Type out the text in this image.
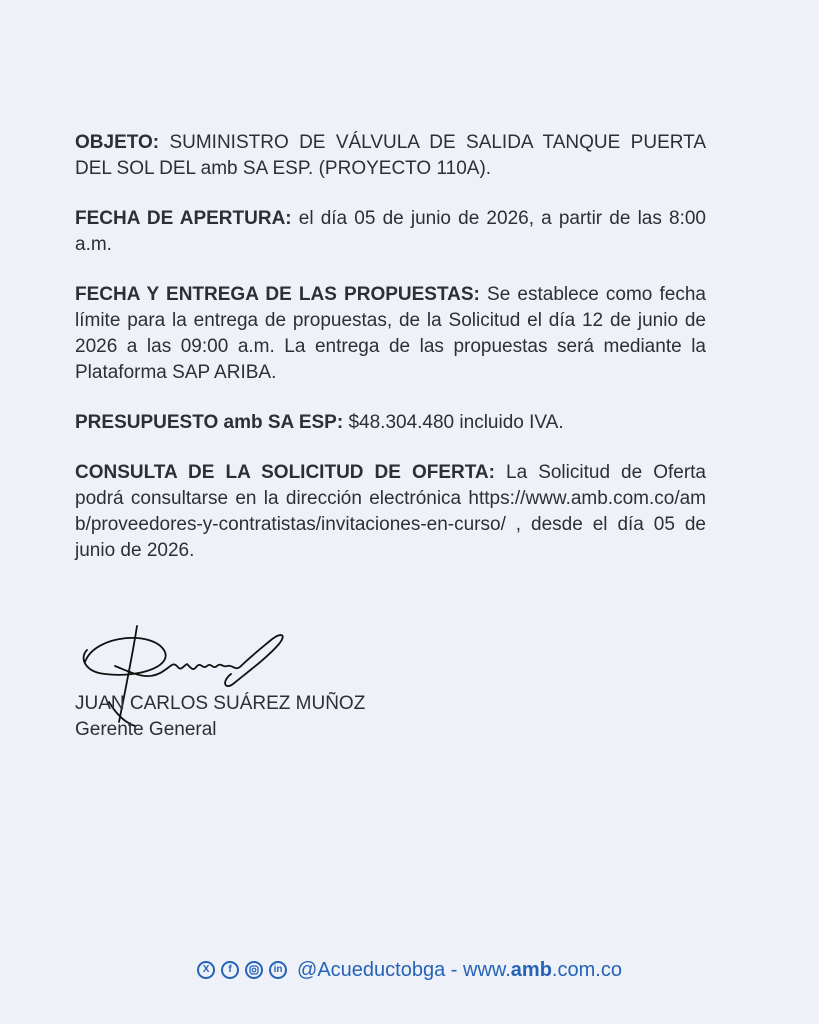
OBJETO: SUMINISTRO DE VÁLVULA DE SALIDA TANQUE PUERTA DEL SOL DEL amb SA ESP. (PROYECTO 110A).

FECHA DE APERTURA: el día 05 de junio de 2026, a partir de las 8:00 a.m.

FECHA Y ENTREGA DE LAS PROPUESTAS: Se establece como fecha límite para la entrega de propuestas, de la Solicitud el día 12 de junio de 2026 a las 09:00 a.m. La entrega de las propuestas será mediante la Plataforma SAP ARIBA.

PRESUPUESTO amb SA ESP: $48.304.480 incluido IVA.

CONSULTA DE LA SOLICITUD DE OFERTA: La Solicitud de Oferta podrá consultarse en la dirección electrónica https://www.amb.com.co/amb/proveedores-y-contratistas/invitaciones-en-curso/ , desde el día 05 de junio de 2026.

JUAN CARLOS SUÁREZ MUÑOZ
Gerente General
X	f	in @Acueductobga - www.amb.com.co
